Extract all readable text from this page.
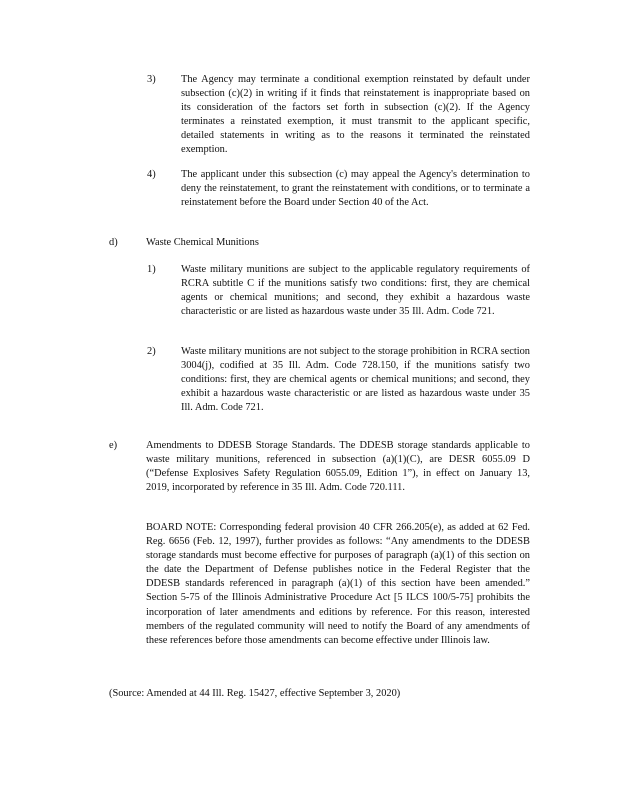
3) The Agency may terminate a conditional exemption reinstated by default under subsection (c)(2) in writing if it finds that reinstatement is inappropriate based on its consideration of the factors set forth in subsection (c)(2). If the Agency terminates a reinstated exemption, it must transmit to the applicant specific, detailed statements in writing as to the reasons it terminated the reinstated exemption.
4) The applicant under this subsection (c) may appeal the Agency's determination to deny the reinstatement, to grant the reinstatement with conditions, or to terminate a reinstatement before the Board under Section 40 of the Act.
d)	Waste Chemical Munitions
1) Waste military munitions are subject to the applicable regulatory requirements of RCRA subtitle C if the munitions satisfy two conditions: first, they are chemical agents or chemical munitions; and second, they exhibit a hazardous waste characteristic or are listed as hazardous waste under 35 Ill. Adm. Code 721.
2) Waste military munitions are not subject to the storage prohibition in RCRA section 3004(j), codified at 35 Ill. Adm. Code 728.150, if the munitions satisfy two conditions: first, they are chemical agents or chemical munitions; and second, they exhibit a hazardous waste characteristic or are listed as hazardous waste under 35 Ill. Adm. Code 721.
e)	Amendments to DDESB Storage Standards. The DDESB storage standards applicable to waste military munitions, referenced in subsection (a)(1)(C), are DESR 6055.09 D (“Defense Explosives Safety Regulation 6055.09, Edition 1”), in effect on January 13, 2019, incorporated by reference in 35 Ill. Adm. Code 720.111.
BOARD NOTE: Corresponding federal provision 40 CFR 266.205(e), as added at 62 Fed. Reg. 6656 (Feb. 12, 1997), further provides as follows: “Any amendments to the DDESB storage standards must become effective for purposes of paragraph (a)(1) of this section on the date the Department of Defense publishes notice in the Federal Register that the DDESB standards referenced in paragraph (a)(1) of this section have been amended.” Section 5-75 of the Illinois Administrative Procedure Act [5 ILCS 100/5-75] prohibits the incorporation of later amendments and editions by reference. For this reason, interested members of the regulated community will need to notify the Board of any amendments of these references before those amendments can become effective under Illinois law.
(Source: Amended at 44 Ill. Reg. 15427, effective September 3, 2020)
